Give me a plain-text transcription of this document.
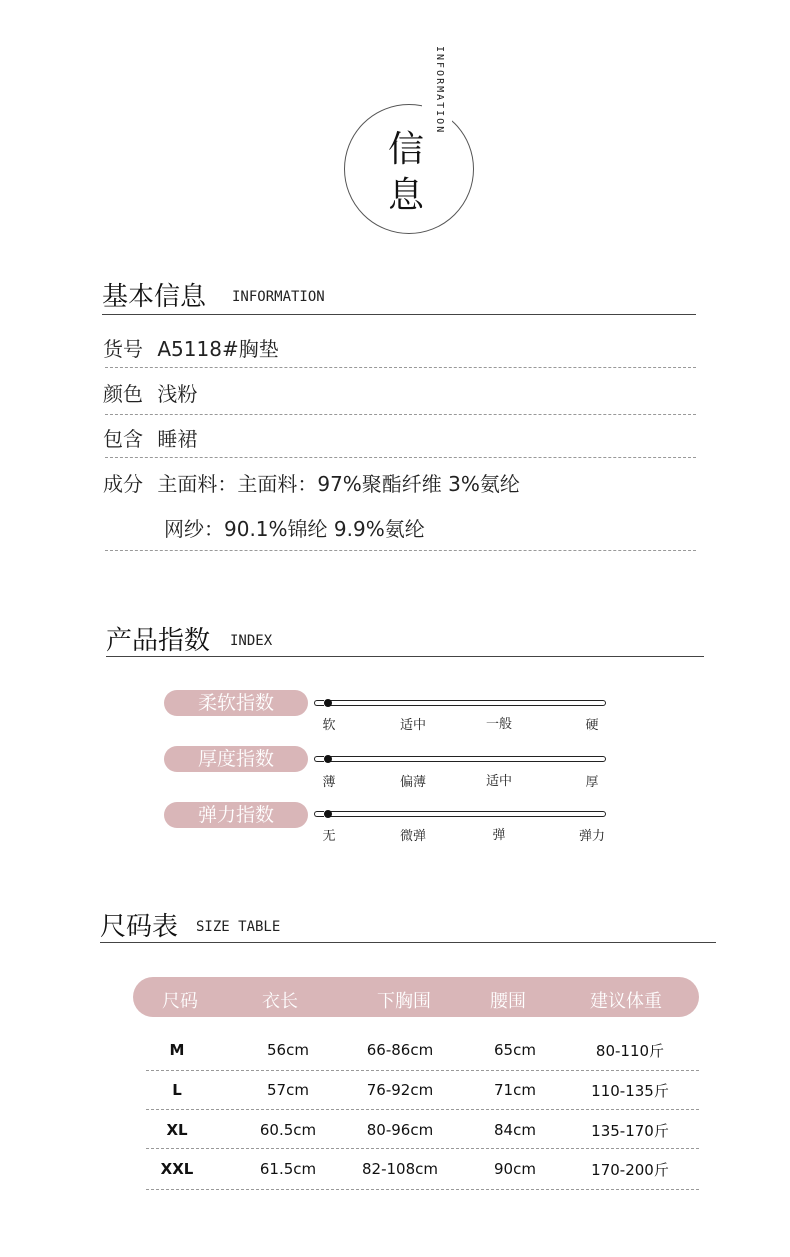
INFORMATION
信
息
基本信息 INFORMATION
货号 A5118#胸垫
颜色 浅粉
包含 睡裙
成分 主面料：主面料：97%聚酯纤维 3%氨纶
网纱：90.1%锦纶 9.9%氨纶
产品指数 INDEX
柔软指数
软	适中	一般	硬
厚度指数
薄	偏薄	适中	厚
弹力指数
无	微弹	弹	弹力
尺码表 SIZE TABLE
尺码	衣长	下胸围	腰围	建议体重
M	56cm	66-86cm	65cm	80-110斤
L	57cm	76-92cm	71cm	110-135斤
XL	60.5cm	80-96cm	84cm	135-170斤
XXL	61.5cm	82-108cm	90cm	170-200斤
